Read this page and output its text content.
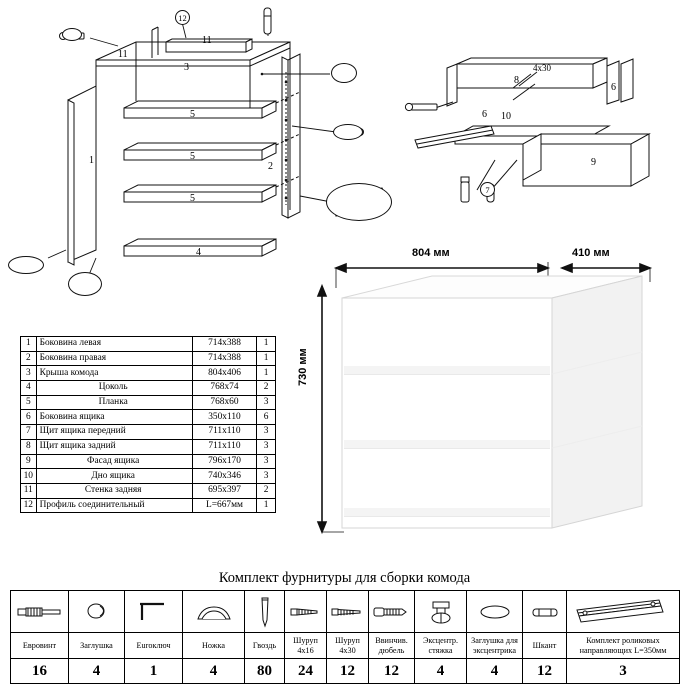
12
11
11
3
5
5
5
1
2
4
8
6
6
10
9
4х30
7
1	Боковина левая	714х388	1
2	Боковина правая	714х388	1
3	Крыша комода	804х406	1
4	Цоколь	768х74	2
5	Планка	768х60	3
6	Боковина ящика	350х110	6
7	Щит ящика передний	711х110	3
8	Щит ящика задний	711х110	3
9	Фасад ящика	796х170	3
10	Дно ящика	740х346	3
11	Стенка задняя	695х397	2
12	Профиль соединительный	L=667мм	1
804 мм	410 мм
730 мм
Комплект фурнитуры для сборки комода

Евровинт	Заглушка	Euroключ	Ножка	Гвоздь	Шуруп 4х16	Шуруп 4х30	Ввинчив. дюбель	Эксцентр. стяжка	Заглушка для эксцентрика	Шкант	Комплект роликовых направляющих L=350мм
16	4	1	4	80	24	12	12	4	4	12	3
